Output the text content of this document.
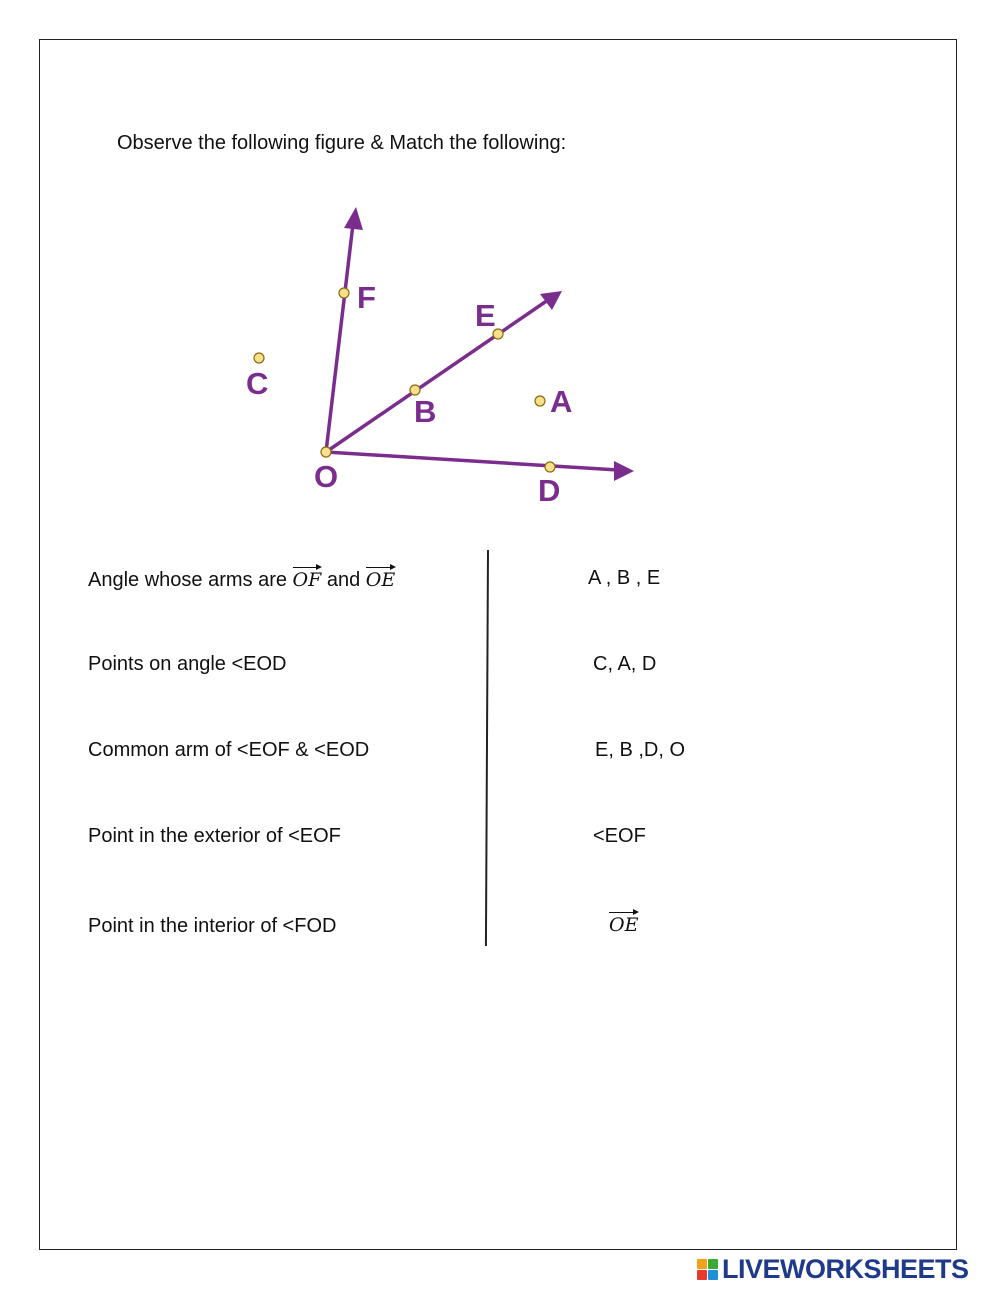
Observe the following figure & Match the following:
F
E
C
B	A
O	D
Angle whose arms are OF and OE
Points on angle <EOD
Common arm of <EOF & <EOD
Point in the exterior of <EOF
Point in the interior of <FOD
A , B , E
C, A, D
E, B ,D, O
<EOF
OE
LIVEWORKSHEETS
